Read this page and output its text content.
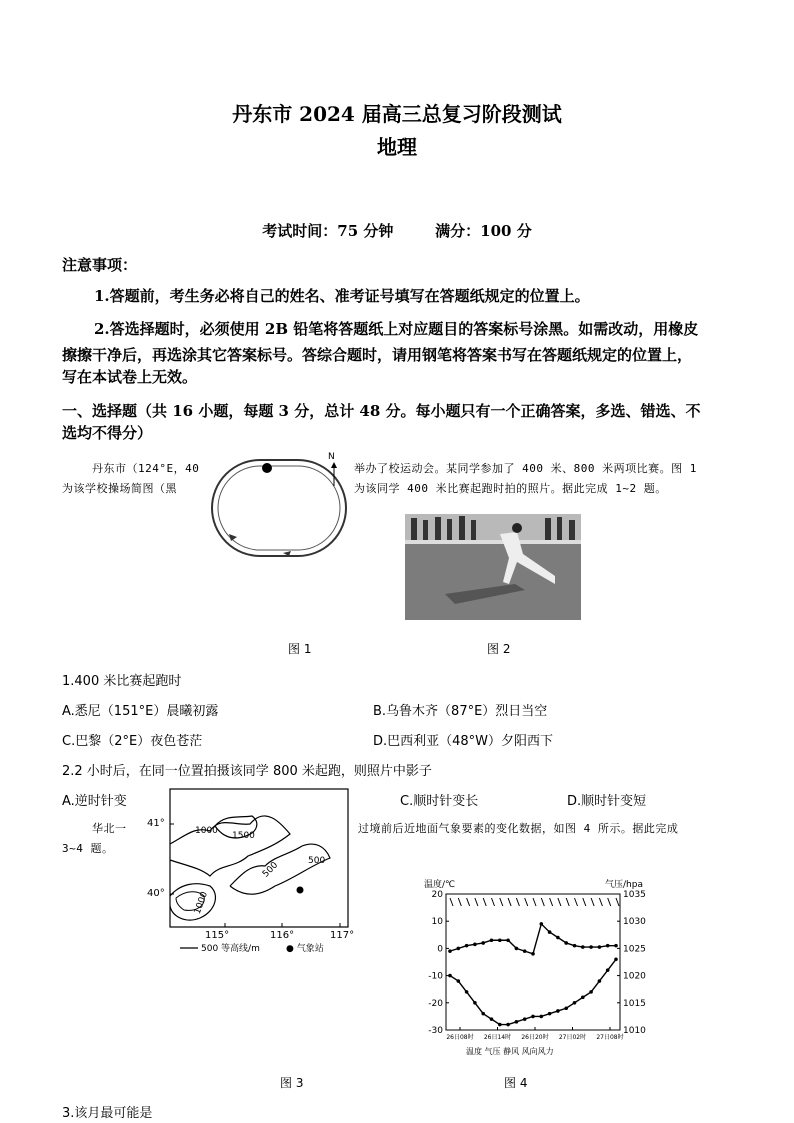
丹东市 2024 届高三总复习阶段测试
地理
考试时间：75 分钟        满分：100 分
注意事项：
1.答题前，考生务必将自己的姓名、准考证号填写在答题纸规定的位置上。
2.答选择题时，必须使用 2B 铅笔将答题纸上对应题目的答案标号涂黑。如需改动，用橡皮
擦擦干净后，再选涂其它答案标号。答综合题时，请用钢笔将答案书写在答题纸规定的位置上，
写在本试卷上无效。
一、选择题（共 16 小题，每题 3 分，总计 48 分。每小题只有一个正确答案，多选、错选、不
选均不得分）
丹东市（124°E，40	举办了校运动会。某同学参加了 400 米、800 米两项比赛。图 1
为该学校操场简图（黑	为该同学 400 米比赛起跑时拍的照片。据此完成 1~2 题。
N
图 1	图 2
1.400 米比赛起跑时
A.悉尼（151°E）晨曦初露	B.乌鲁木齐（87°E）烈日当空
C.巴黎（2°E）夜色苍茫	D.巴西利亚（48°W）夕阳西下
2.2 小时后，在同一位置拍摄该同学 800 米起跑，则照片中影子
A.逆时针变	C.顺时针变长	D.顺时针变短
华北一	过境前后近地面气象要素的变化数据，如图 4 所示。据此完成
3~4 题。
41°
40°
115°	116°	117°
1000 1500
500	500
1000
500 等高线/m	● 气象站
温度/℃	气压/hpa
20
10
0
-10
-20
-30
1035
1030
1025
1020
1015
1010
26日08时 26日14时 26日20时 27日02时 27日08时
温度 气压 静风 风向风力
图 3	图 4
3.该月最可能是
